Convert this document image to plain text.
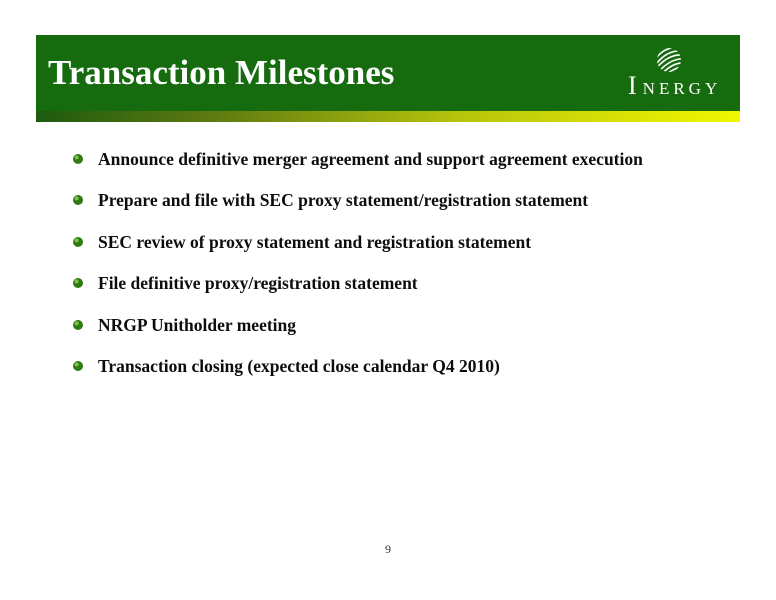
Transaction Milestones	INERGY
Announce definitive merger agreement and support agreement execution
Prepare and file with SEC proxy statement/registration statement
SEC review of proxy statement and registration statement
File definitive proxy/registration statement
NRGP Unitholder meeting
Transaction closing (expected close calendar Q4 2010)
9
